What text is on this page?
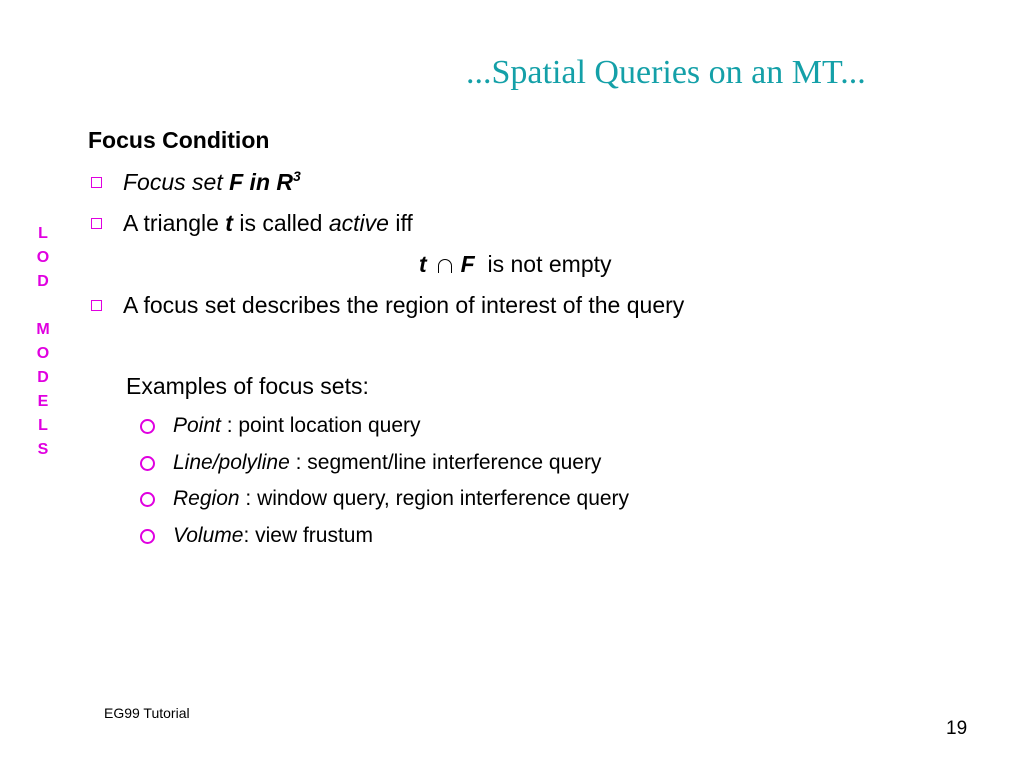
...Spatial Queries on an MT...
L
O
D
M
O
D
E
L
S
Focus Condition
Focus set F in $R^3$
A triangle t is called active iff
t F is not empty
A focus set describes the region of interest of the query
Examples of focus sets:
Point : point location query
Line/polyline : segment/line interference query
Region : window query, region interference query
Volume: view frustum
EG99 Tutorial
19
